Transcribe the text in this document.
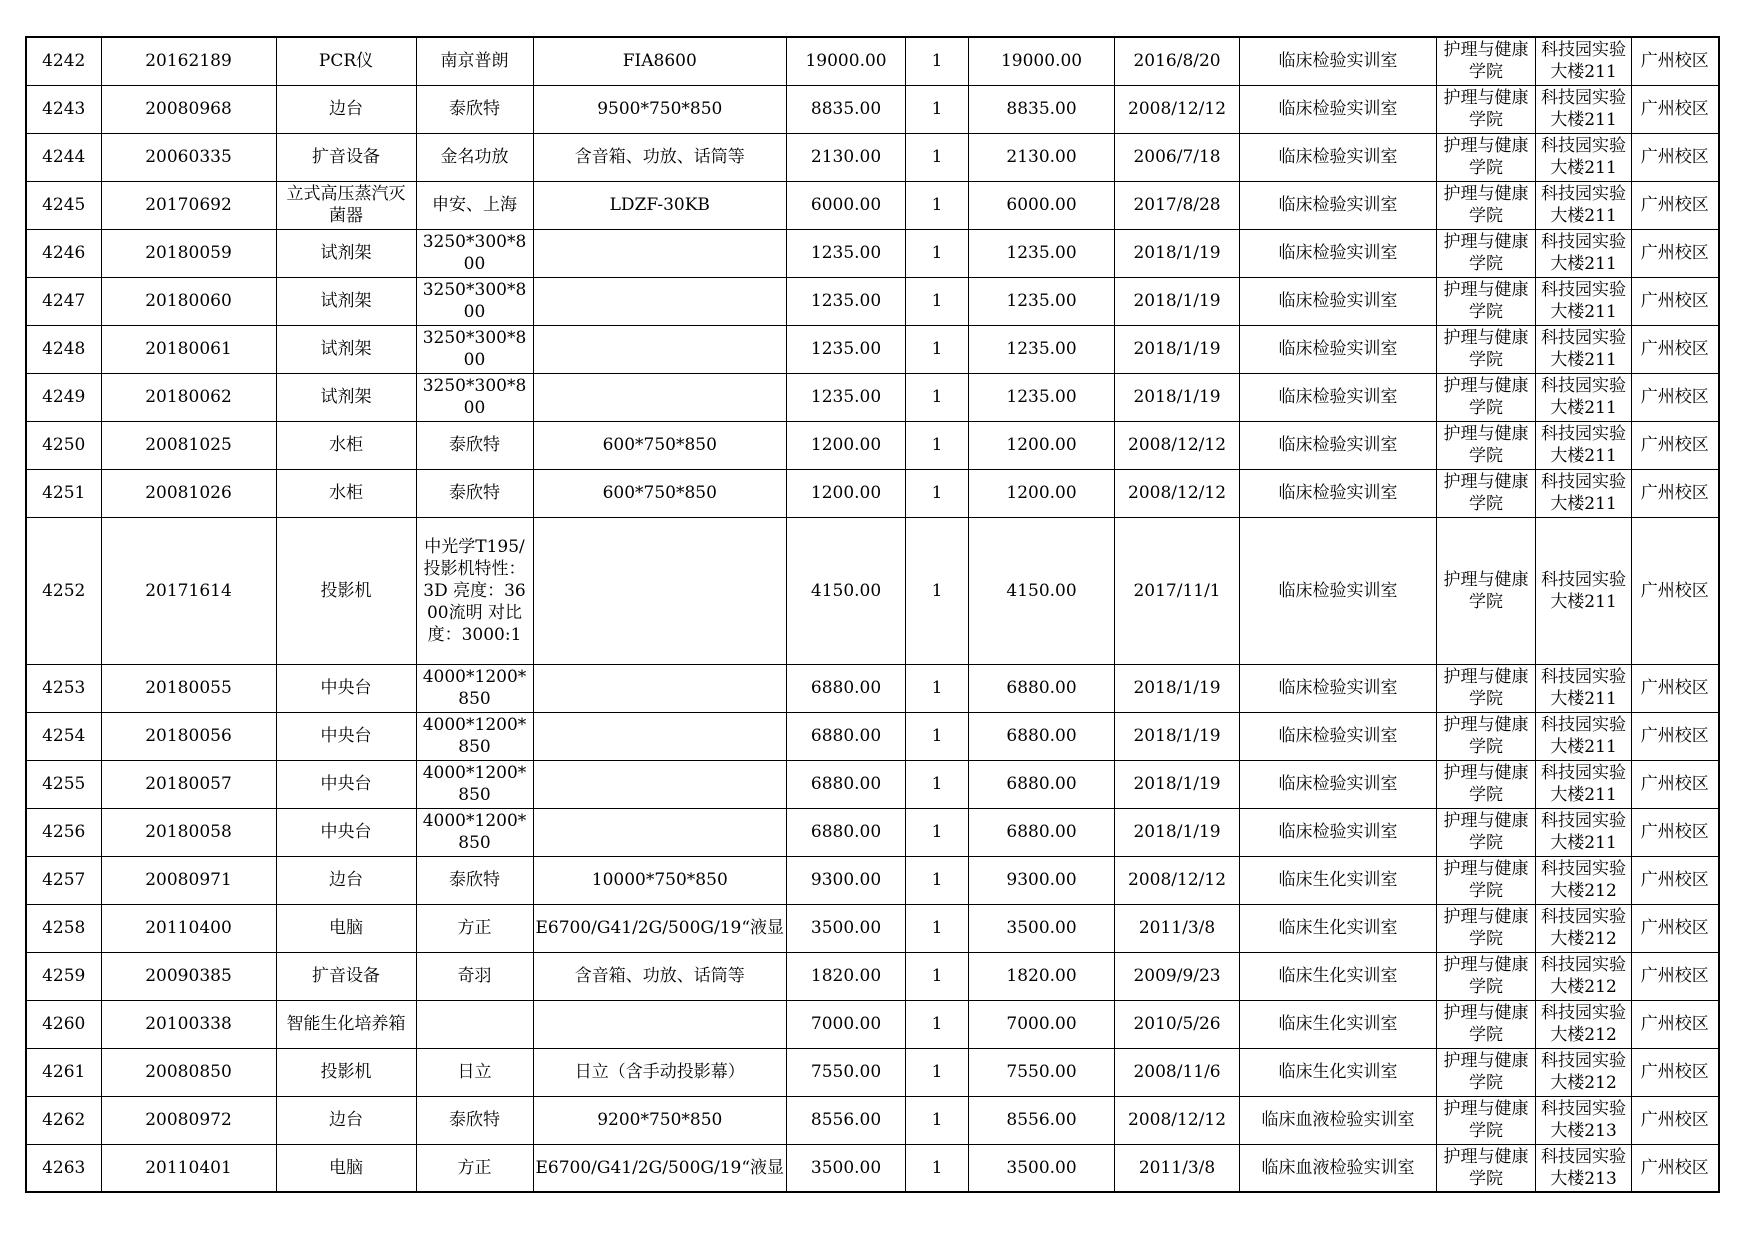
4242	20162189	PCR仪	南京普朗	FIA8600	19000.00	1	19000.00	2016/8/20	临床检验实训室	护理与健康学院	科技园实验大楼211	广州校区
4243	20080968	边台	泰欣特	9500*750*850	8835.00	1	8835.00	2008/12/12	临床检验实训室	护理与健康学院	科技园实验大楼211	广州校区
4244	20060335	扩音设备	金名功放	含音箱、功放、话筒等	2130.00	1	2130.00	2006/7/18	临床检验实训室	护理与健康学院	科技园实验大楼211	广州校区
4245	20170692	立式高压蒸汽灭菌器	申安、上海	LDZF-30KB	6000.00	1	6000.00	2017/8/28	临床检验实训室	护理与健康学院	科技园实验大楼211	广州校区
4246	20180059	试剂架	3250*300*800		1235.00	1	1235.00	2018/1/19	临床检验实训室	护理与健康学院	科技园实验大楼211	广州校区
4247	20180060	试剂架	3250*300*800		1235.00	1	1235.00	2018/1/19	临床检验实训室	护理与健康学院	科技园实验大楼211	广州校区
4248	20180061	试剂架	3250*300*800		1235.00	1	1235.00	2018/1/19	临床检验实训室	护理与健康学院	科技园实验大楼211	广州校区
4249	20180062	试剂架	3250*300*800		1235.00	1	1235.00	2018/1/19	临床检验实训室	护理与健康学院	科技园实验大楼211	广州校区
4250	20081025	水柜	泰欣特	600*750*850	1200.00	1	1200.00	2008/12/12	临床检验实训室	护理与健康学院	科技园实验大楼211	广州校区
4251	20081026	水柜	泰欣特	600*750*850	1200.00	1	1200.00	2008/12/12	临床检验实训室	护理与健康学院	科技园实验大楼211	广州校区
4252	20171614	投影机	中光学T195/投影机特性：3D 亮度：3600流明 对比度：3000:1		4150.00	1	4150.00	2017/11/1	临床检验实训室	护理与健康学院	科技园实验大楼211	广州校区
4253	20180055	中央台	4000*1200*850		6880.00	1	6880.00	2018/1/19	临床检验实训室	护理与健康学院	科技园实验大楼211	广州校区
4254	20180056	中央台	4000*1200*850		6880.00	1	6880.00	2018/1/19	临床检验实训室	护理与健康学院	科技园实验大楼211	广州校区
4255	20180057	中央台	4000*1200*850		6880.00	1	6880.00	2018/1/19	临床检验实训室	护理与健康学院	科技园实验大楼211	广州校区
4256	20180058	中央台	4000*1200*850		6880.00	1	6880.00	2018/1/19	临床检验实训室	护理与健康学院	科技园实验大楼211	广州校区
4257	20080971	边台	泰欣特	10000*750*850	9300.00	1	9300.00	2008/12/12	临床生化实训室	护理与健康学院	科技园实验大楼212	广州校区
4258	20110400	电脑	方正	E6700/G41/2G/500G/19“液显	3500.00	1	3500.00	2011/3/8	临床生化实训室	护理与健康学院	科技园实验大楼212	广州校区
4259	20090385	扩音设备	奇羽	含音箱、功放、话筒等	1820.00	1	1820.00	2009/9/23	临床生化实训室	护理与健康学院	科技园实验大楼212	广州校区
4260	20100338	智能生化培养箱			7000.00	1	7000.00	2010/5/26	临床生化实训室	护理与健康学院	科技园实验大楼212	广州校区
4261	20080850	投影机	日立	日立（含手动投影幕）	7550.00	1	7550.00	2008/11/6	临床生化实训室	护理与健康学院	科技园实验大楼212	广州校区
4262	20080972	边台	泰欣特	9200*750*850	8556.00	1	8556.00	2008/12/12	临床血液检验实训室	护理与健康学院	科技园实验大楼213	广州校区
4263	20110401	电脑	方正	E6700/G41/2G/500G/19“液显	3500.00	1	3500.00	2011/3/8	临床血液检验实训室	护理与健康学院	科技园实验大楼213	广州校区
